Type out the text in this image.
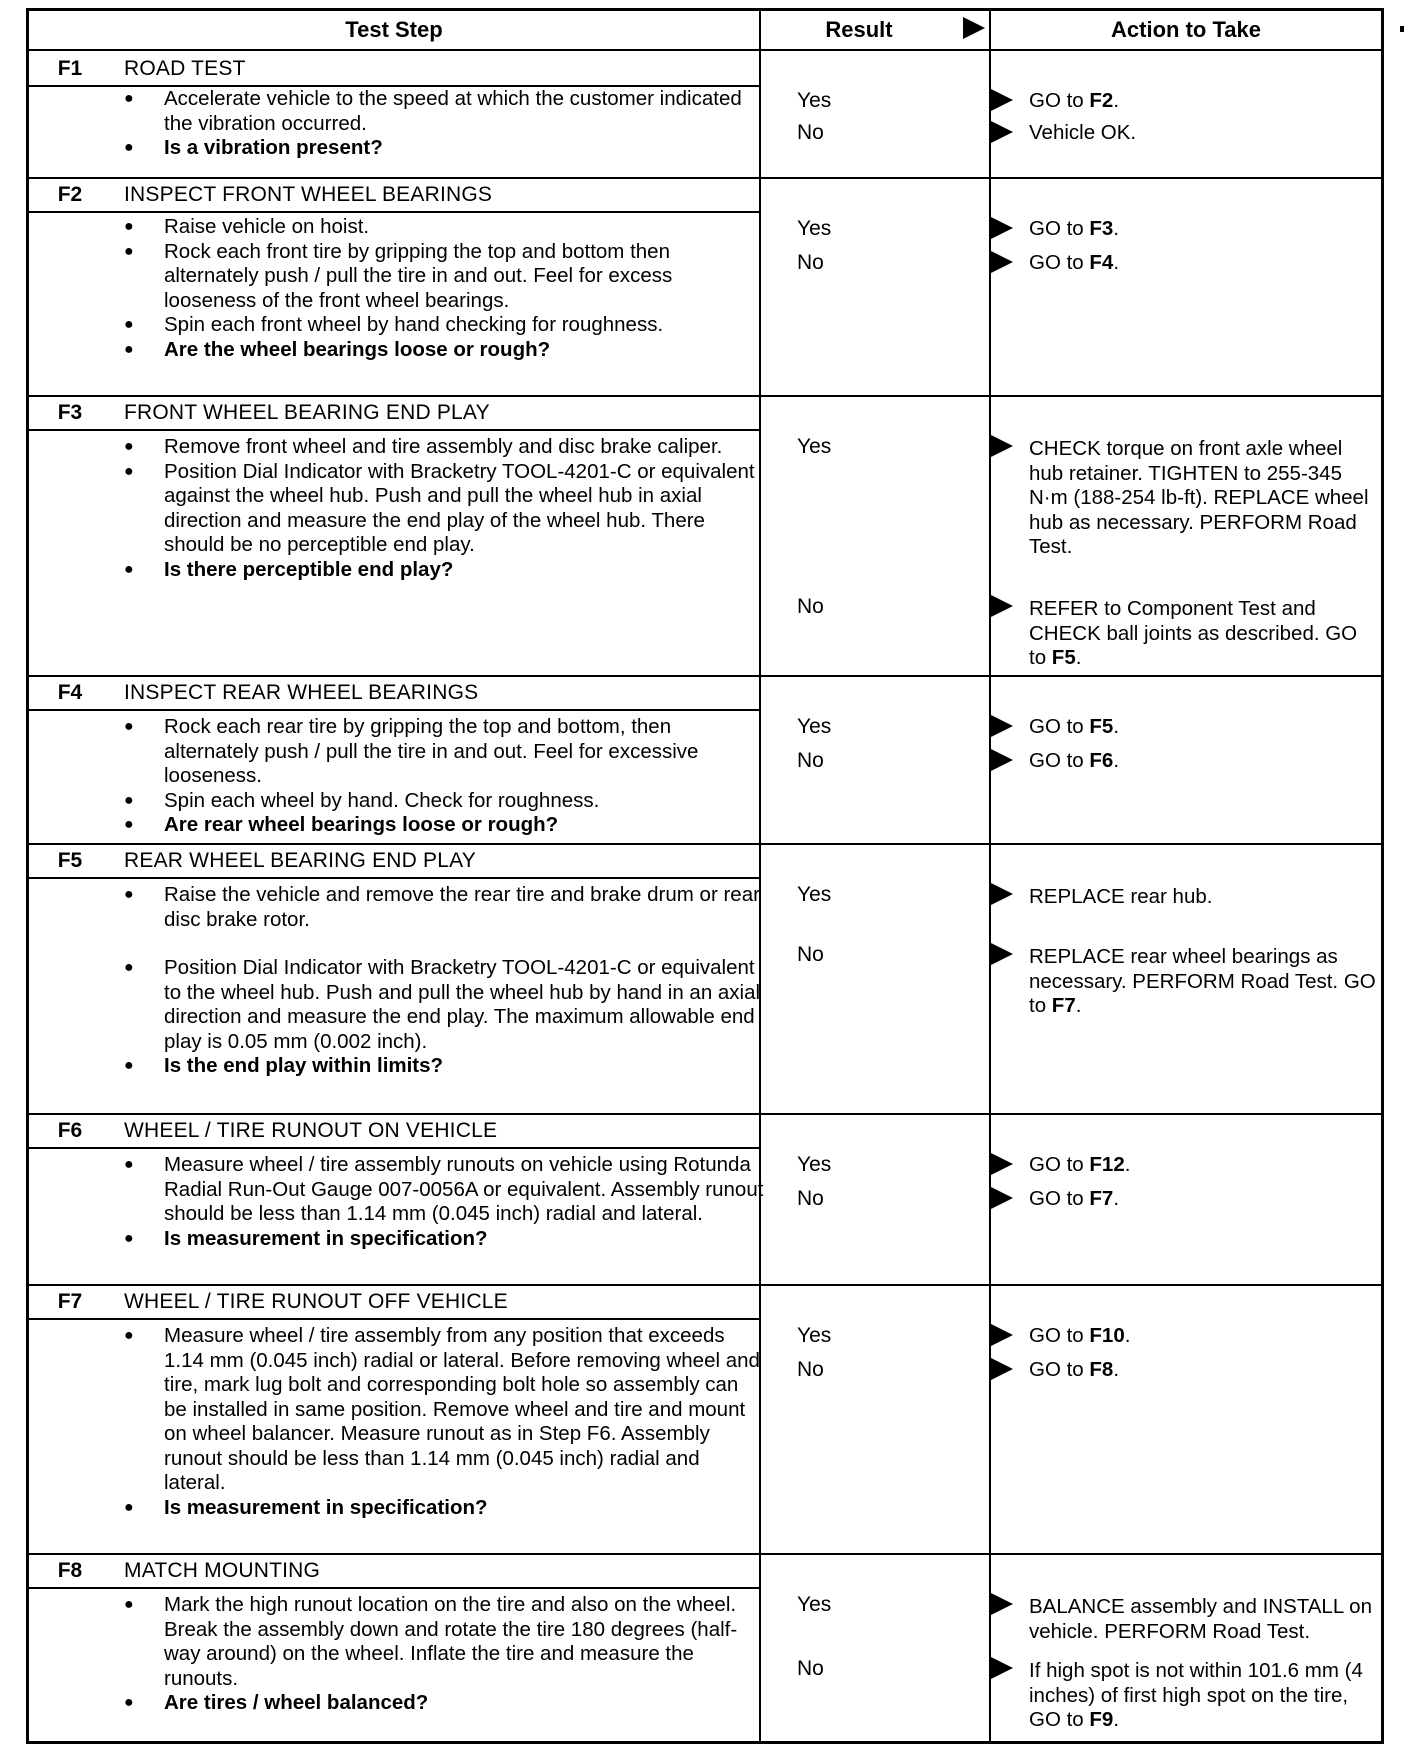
Test Step	Result	Action to Take
F1	ROAD TEST
● Accelerate vehicle to the speed at which the customer indicated the vibration occurred.
● Is a vibration present?
Yes	GO to F2.
No	Vehicle OK.
F2	INSPECT FRONT WHEEL BEARINGS
● Raise vehicle on hoist.
● Rock each front tire by gripping the top and bottom then alternately push / pull the tire in and out. Feel for excess looseness of the front wheel bearings.
● Spin each front wheel by hand checking for roughness.
● Are the wheel bearings loose or rough?
Yes	GO to F3.
No	GO to F4.
F3	FRONT WHEEL BEARING END PLAY
● Remove front wheel and tire assembly and disc brake caliper.
● Position Dial Indicator with Bracketry TOOL-4201-C or equivalent against the wheel hub. Push and pull the wheel hub in axial direction and measure the end play of the wheel hub. There should be no perceptible end play.
● Is there perceptible end play?
Yes	CHECK torque on front axle wheel hub retainer. TIGHTEN to 255-345 N·m (188-254 lb-ft). REPLACE wheel hub as necessary. PERFORM Road Test.
No	REFER to Component Test and CHECK ball joints as described. GO to F5.
F4	INSPECT REAR WHEEL BEARINGS
● Rock each rear tire by gripping the top and bottom, then alternately push / pull the tire in and out. Feel for excessive looseness.
● Spin each wheel by hand. Check for roughness.
● Are rear wheel bearings loose or rough?
Yes	GO to F5.
No	GO to F6.
F5	REAR WHEEL BEARING END PLAY
● Raise the vehicle and remove the rear tire and brake drum or rear disc brake rotor.
● Position Dial Indicator with Bracketry TOOL-4201-C or equivalent to the wheel hub. Push and pull the wheel hub by hand in an axial direction and measure the end play. The maximum allowable end play is 0.05 mm (0.002 inch).
● Is the end play within limits?
Yes	REPLACE rear hub.
No	REPLACE rear wheel bearings as necessary. PERFORM Road Test. GO to F7.
F6	WHEEL / TIRE RUNOUT ON VEHICLE
● Measure wheel / tire assembly runouts on vehicle using Rotunda Radial Run-Out Gauge 007-0056A or equivalent. Assembly runout should be less than 1.14 mm (0.045 inch) radial and lateral.
● Is measurement in specification?
Yes	GO to F12.
No	GO to F7.
F7	WHEEL / TIRE RUNOUT OFF VEHICLE
● Measure wheel / tire assembly from any position that exceeds 1.14 mm (0.045 inch) radial or lateral. Before removing wheel and tire, mark lug bolt and corresponding bolt hole so assembly can be installed in same position. Remove wheel and tire and mount on wheel balancer. Measure runout as in Step F6. Assembly runout should be less than 1.14 mm (0.045 inch) radial and lateral.
● Is measurement in specification?
Yes	GO to F10.
No	GO to F8.
F8	MATCH MOUNTING
● Mark the high runout location on the tire and also on the wheel. Break the assembly down and rotate the tire 180 degrees (half-way around) on the wheel. Inflate the tire and measure the runouts.
● Are tires / wheel balanced?
Yes	BALANCE assembly and INSTALL on vehicle. PERFORM Road Test.
No	If high spot is not within 101.6 mm (4 inches) of first high spot on the tire, GO to F9.
